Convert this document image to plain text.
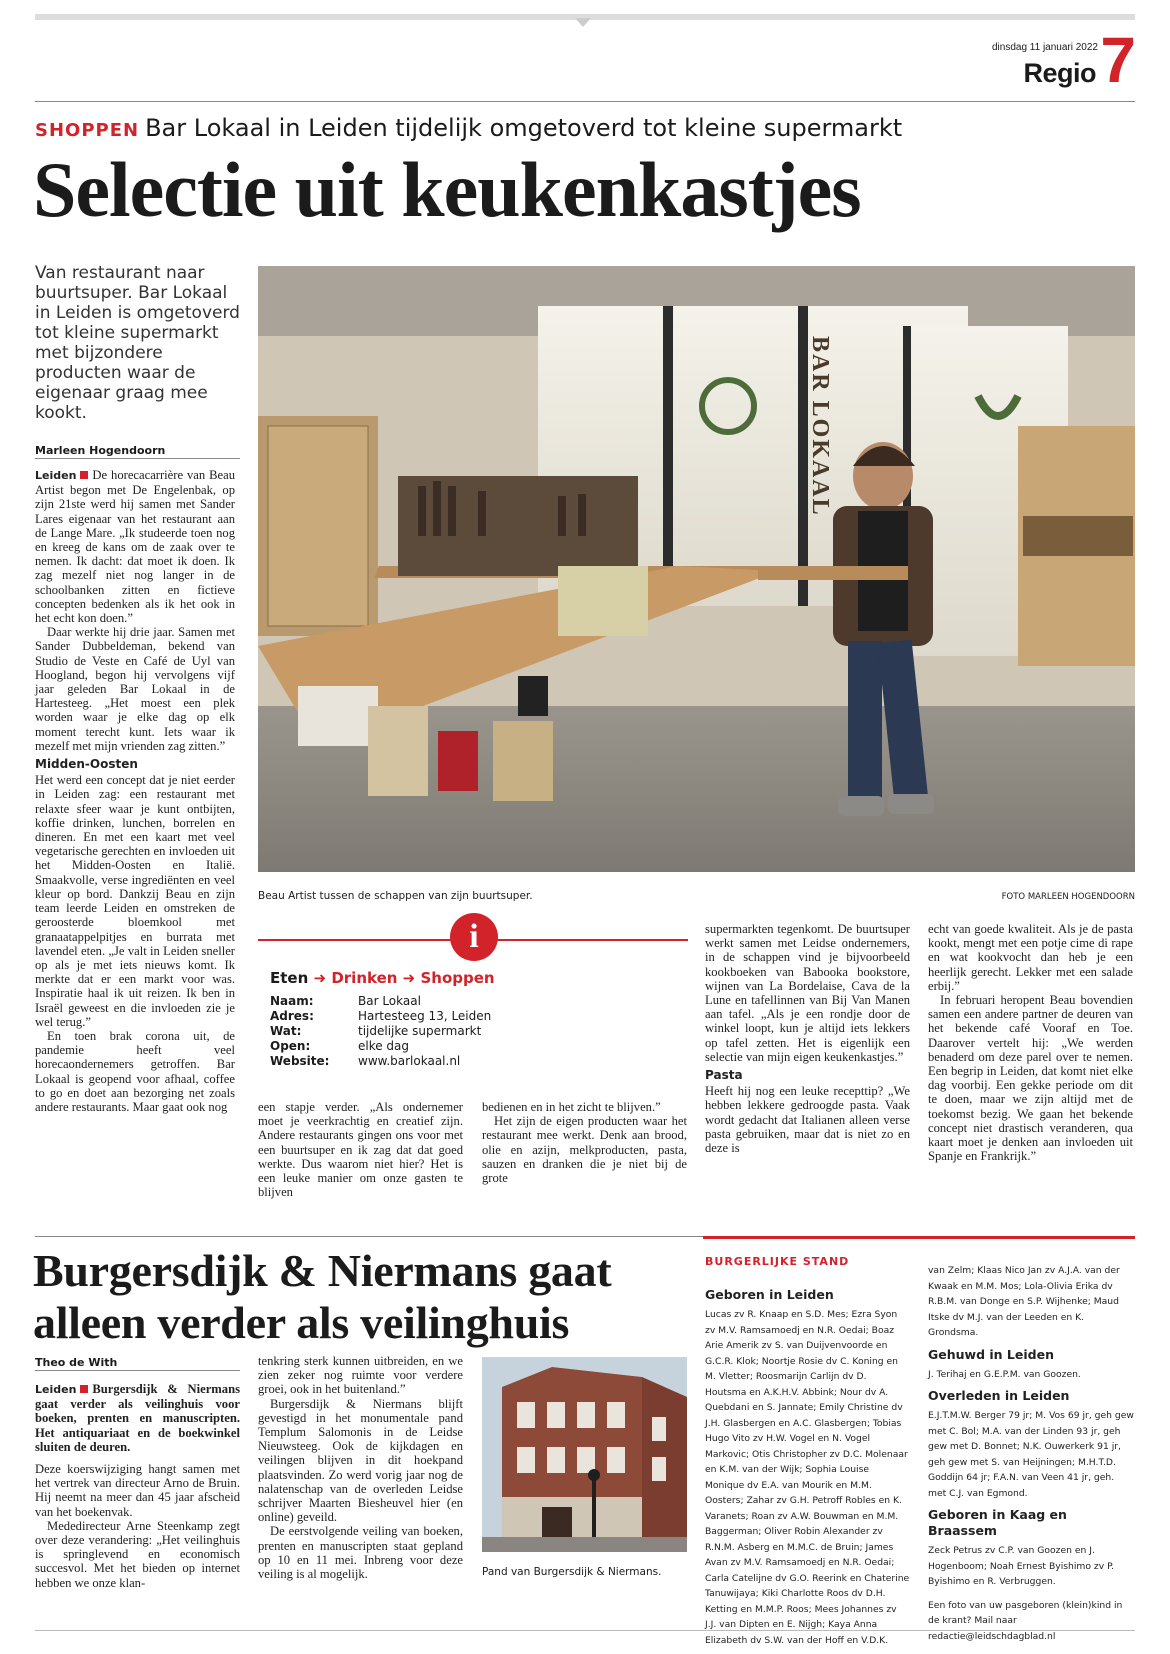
dinsdag 11 januari 2022
Regio 7
SHOPPEN Bar Lokaal in Leiden tijdelijk omgetoverd tot kleine supermarkt
Selectie uit keukenkastjes
Van restaurant naar buurtsuper. Bar Lokaal in Leiden is omgetoverd tot kleine supermarkt met bijzondere producten waar de eigenaar graag mee kookt.
Marleen Hogendoorn

Leiden De horecacarrière van Beau Artist begon met De Engelenbak, op zijn 21ste werd hij samen met Sander Lares eigenaar van het restaurant aan de Lange Mare. „Ik studeerde toen nog en kreeg de kans om de zaak over te nemen. Ik dacht: dat moet ik doen. Ik zag mezelf niet nog langer in de schoolbanken zitten en fictieve concepten bedenken als ik het ook in het echt kon doen.”

Daar werkte hij drie jaar. Samen met Sander Dubbeldeman, bekend van Studio de Veste en Café de Uyl van Hoogland, begon hij vervolgens vijf jaar geleden Bar Lokaal in de Hartesteeg. „Het moest een plek worden waar je elke dag op elk moment terecht kunt. Iets waar ik mezelf met mijn vrienden zag zitten.”

Midden-Oosten

Het werd een concept dat je niet eerder in Leiden zag: een restaurant met relaxte sfeer waar je kunt ontbijten, koffie drinken, lunchen, borrelen en dineren. En met een kaart met veel vegetarische gerechten en invloeden uit het Midden-Oosten en Italië. Smaakvolle, verse ingrediënten en veel kleur op bord. Dankzij Beau en zijn team leerde Leiden en omstreken de geroosterde bloemkool met granaatappelpitjes en burrata met lavendel eten. „Je valt in Leiden sneller op als je met iets nieuws komt. Ik merkte dat er een markt voor was. Inspiratie haal ik uit reizen. Ik ben in Israël geweest en die invloeden zie je wel terug.”

En toen brak corona uit, de pandemie heeft veel horecaondernemers getroffen. Bar Lokaal is geopend voor afhaal, coffee to go en doet aan bezorging net zoals andere restaurants. Maar gaat ook nog

BAR LOKAAL
Beau Artist tussen de schappen van zijn buurtsuper.	FOTO MARLEEN HOGENDOORN
i
Eten ➜ Drinken ➜ Shoppen
Naam:	Bar Lokaal
Adres:	Hartesteeg 13, Leiden
Wat:	tijdelijke supermarkt
Open:	elke dag
Website: www.barlokaal.nl

een stapje verder. „Als ondernemer moet je veerkrachtig en creatief zijn. Andere restaurants gingen ons voor met een buurtsuper en ik zag dat dat goed werkte. Dus waarom niet hier? Het is een leuke manier om onze gasten te blijven

bedienen en in het zicht te blijven.”

Het zijn de eigen producten waar het restaurant mee werkt. Denk aan brood, olie en azijn, melkproducten, pasta, sauzen en dranken die je niet bij de grote

supermarkten tegenkomt. De buurtsuper werkt samen met Leidse ondernemers, in de schappen vind je bijvoorbeeld kookboeken van Babooka bookstore, wijnen van La Bordelaise, Cava de la Lune en tafellinnen van Bij Van Manen aan tafel. „Als je een rondje door de winkel loopt, kun je altijd iets lekkers op tafel zetten. Het is eigenlijk een selectie van mijn eigen keukenkastjes.”

Pasta

Heeft hij nog een leuke recepttip? „We hebben lekkere gedroogde pasta. Vaak wordt gedacht dat Italianen alleen verse pasta gebruiken, maar dat is niet zo en deze is

echt van goede kwaliteit. Als je de pasta kookt, mengt met een potje cime di rape en wat kookvocht dan heb je een heerlijk gerecht. Lekker met een salade erbij.”

In februari heropent Beau bovendien samen een andere partner de deuren van het bekende café Vooraf en Toe. Daarover vertelt hij: „We werden benaderd om deze parel over te nemen. Een begrip in Leiden, dat komt niet elke dag voorbij. Een gekke periode om dit te doen, maar we zijn altijd met de toekomst bezig. We gaan het bekende concept niet drastisch veranderen, qua kaart moet je denken aan invloeden uit Spanje en Frankrijk.”

Burgersdijk & Niermans gaat alleen verder als veilinghuis
Theo de With

Leiden Burgersdijk & Niermans gaat verder als veilinghuis voor boeken, prenten en manuscripten. Het antiquariaat en de boekwinkel sluiten de deuren.

Deze koerswijziging hangt samen met het vertrek van directeur Arno de Bruin. Hij neemt na meer dan 45 jaar afscheid van het boekenvak.

Mededirecteur Arne Steenkamp zegt over deze verandering: „Het veilinghuis is springlevend en economisch succesvol. Met het bieden op internet hebben we onze klan-

tenkring sterk kunnen uitbreiden, en we zien zeker nog ruimte voor verdere groei, ook in het buitenland.”

Burgersdijk & Niermans blijft gevestigd in het monumentale pand Templum Salomonis in de Leidse Nieuwsteeg. Ook de kijkdagen en veilingen blijven in dit hoekpand plaatsvinden. Zo werd vorig jaar nog de nalatenschap van de overleden Leidse schrijver Maarten Biesheuvel hier (en online) geveild.

De eerstvolgende veiling van boeken, prenten en manuscripten staat gepland op 10 en 11 mei. Inbreng voor deze veiling is al mogelijk.	Pand van Burgersdijk & Niermans.
BURGERLIJKE STAND
Geboren in Leiden

Lucas zv R. Knaap en S.D. Mes; Ezra Syon zv M.V. Ramsamoedj en N.R. Oedai; Boaz Arie Amerik zv S. van Duijvenvoorde en G.C.R. Klok; Noortje Rosie dv C. Koning en M. Vletter; Roosmarijn Carlijn dv D. Houtsma en A.K.H.V. Abbink; Nour dv A. Quebdani en S. Jannate; Emily Christine dv J.H. Glasbergen en A.C. Glasbergen; Tobias Hugo Vito zv H.W. Vogel en N. Vogel Markovic; Otis Christopher zv D.C. Molenaar en K.M. van der Wijk; Sophia Louise Monique dv E.A. van Mourik en M.M. Oosters; Zahar zv G.H. Petroff Robles en K. Varanets; Roan zv A.W. Bouwman en M.M. Baggerman; Oliver Robin Alexander zv R.N.M. Asberg en M.M.C. de Bruin; James Avan zv M.V. Ramsamoedj en N.R. Oedai; Carla Catelijne dv G.O. Reerink en Chaterine Tanuwijaya; Kiki Charlotte Roos dv D.H. Ketting en M.M.P. Roos; Mees Johannes zv J.J. van Dipten en E. Nijgh; Kaya Anna Elizabeth dv S.W. van der Hoff en V.D.K.

van Zelm; Klaas Nico Jan zv A.J.A. van der Kwaak en M.M. Mos; Lola-Olivia Erika dv R.B.M. van Donge en S.P. Wijhenke; Maud Itske dv M.J. van der Leeden en K. Grondsma.

Gehuwd in Leiden

J. Terihaj en G.E.P.M. van Goozen.

Overleden in Leiden

E.J.T.M.W. Berger 79 jr; M. Vos 69 jr, geh gew met C. Bol; M.A. van der Linden 93 jr, geh gew met D. Bonnet; N.K. Ouwerkerk 91 jr, geh gew met S. van Heijningen; M.H.T.D. Goddijn 64 jr; F.A.N. van Veen 41 jr, geh. met C.J. van Egmond.

Geboren in Kaag en Braassem

Zeck Petrus zv C.P. van Goozen en J. Hogenboom; Noah Ernest Byishimo zv P. Byishimo en R. Verbruggen.

Een foto van uw pasgeboren (klein)kind in de krant? Mail naar redactie@leidschdagblad.nl
